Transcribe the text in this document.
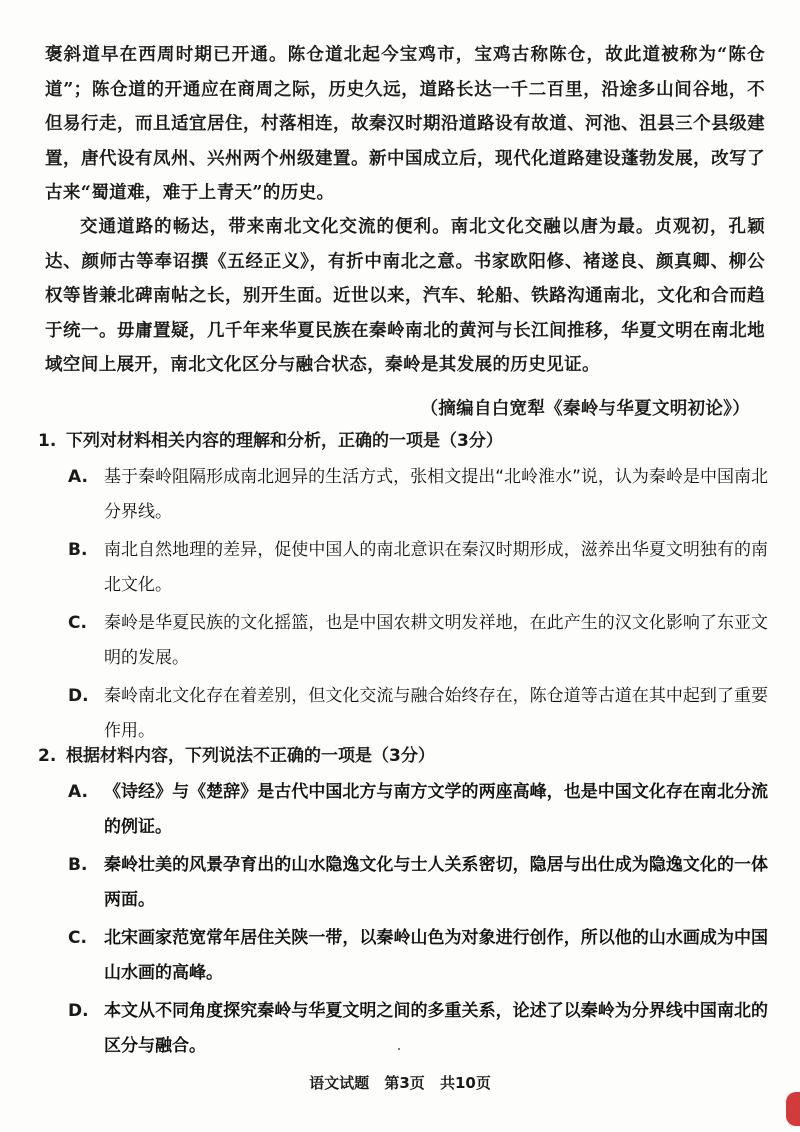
褒斜道早在西周时期已开通。陈仓道北起今宝鸡市，宝鸡古称陈仓，故此道被称为“陈仓道”；陈仓道的开通应在商周之际，历史久远，道路长达一千二百里，沿途多山间谷地，不但易行走，而且适宜居住，村落相连，故秦汉时期沿道路设有故道、河池、沮县三个县级建置，唐代设有凤州、兴州两个州级建置。新中国成立后，现代化道路建设蓬勃发展，改写了古来“蜀道难，难于上青天”的历史。

交通道路的畅达，带来南北文化交流的便利。南北文化交融以唐为最。贞观初，孔颖达、颜师古等奉诏撰《五经正义》，有折中南北之意。书家欧阳修、褚遂良、颜真卿、柳公权等皆兼北碑南帖之长，别开生面。近世以来，汽车、轮船、铁路沟通南北，文化和合而趋于统一。毋庸置疑，几千年来华夏民族在秦岭南北的黄河与长江间推移，华夏文明在南北地域空间上展开，南北文化区分与融合状态，秦岭是其发展的历史见证。

（摘编自白宽犁《秦岭与华夏文明初论》）
1. 下列对材料相关内容的理解和分析，正确的一项是（3分）
A. 基于秦岭阻隔形成南北迥异的生活方式，张相文提出“北岭淮水”说，认为秦岭是中国南北分界线。
B. 南北自然地理的差异，促使中国人的南北意识在秦汉时期形成，滋养出华夏文明独有的南北文化。
C.	秦岭是华夏民族的文化摇篮，也是中国农耕文明发祥地，在此产生的汉文化影响了东亚文明的发展。
D. 秦岭南北文化存在着差别，但文化交流与融合始终存在，陈仓道等古道在其中起到了重要作用。
2. 根据材料内容，下列说法不正确的一项是（3分）
A. 《诗经》与《楚辞》是古代中国北方与南方文学的两座高峰，也是中国文化存在南北分流的例证。
B. 秦岭壮美的风景孕育出的山水隐逸文化与士人关系密切，隐居与出仕成为隐逸文化的一体两面。
C.	北宋画家范宽常年居住关陕一带，以秦岭山色为对象进行创作，所以他的山水画成为中国山水画的高峰。
D. 本文从不同角度探究秦岭与华夏文明之间的多重关系，论述了以秦岭为分界线中国南北的区分与融合。
语文试题 第3页 共10页
